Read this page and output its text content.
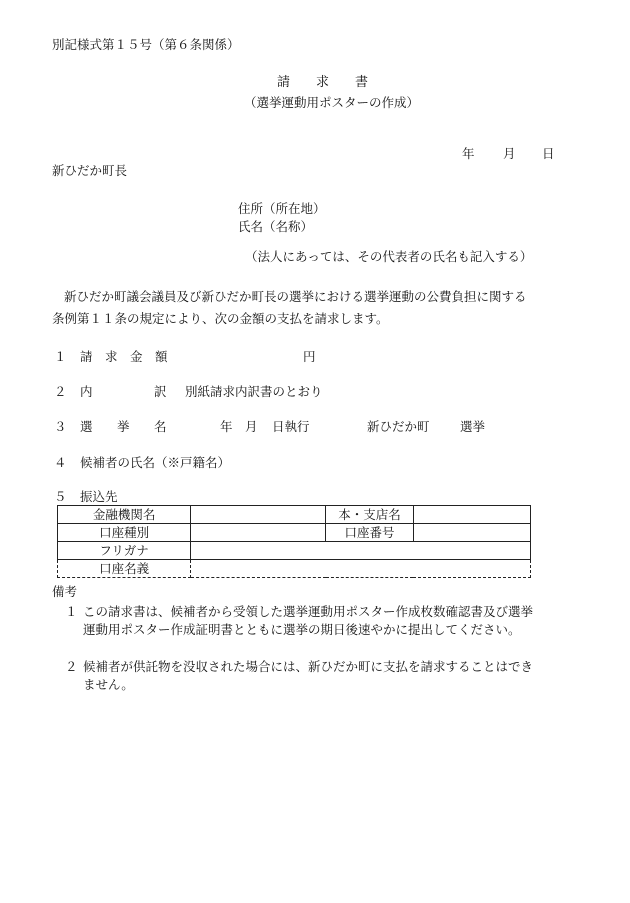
別記様式第１５号（第６条関係）
請　　求　　書
（選挙運動用ポスターの作成）
年 月 日
新ひだか町長
住所（所在地）
氏名（名称）
（法人にあっては、その代表者の氏名も記入する）
新ひだか町議会議員及び新ひだか町長の選挙における選挙運動の公費負担に関する
条例第１１条の規定により、次の金額の支払を請求します。
１ 請　求　金　額	円
２ 内	訳 別紙請求内訳書のとおり
３ 選 挙 名	年 月 日執行	新ひだか町 選挙
４ 候補者の氏名（※戸籍名）
５ 振込先
金融機関名		本・支店名	
口座種別		口座番号	
フリガナ			
口座名義			
備考
１ この請求書は、候補者から受領した選挙運動用ポスター作成枚数確認書及び選挙運動用ポスター作成証明書とともに選挙の期日後速やかに提出してください。
２ 候補者が供託物を没収された場合には、新ひだか町に支払を請求することはできません。
